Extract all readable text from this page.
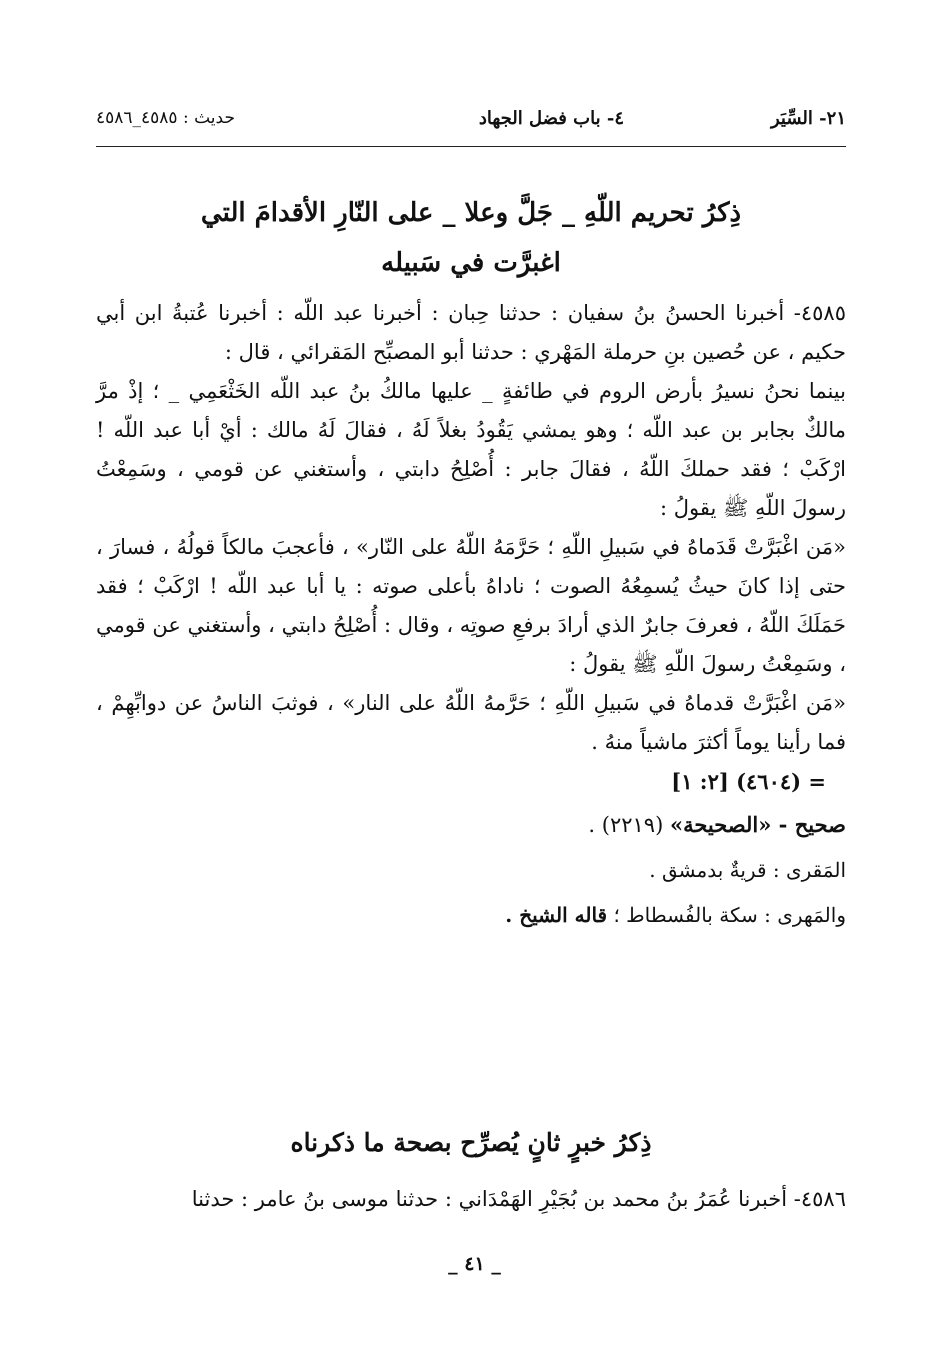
٢١- السِّيَر
٤- باب فضل الجهاد
حديث : ٤٥٨٥_٤٥٨٦
ذِكرُ تحريم اللّهِ _ جَلَّ وعلا _ على النّارِ الأقدامَ التي
اغبرَّت في سَبيله

٤٥٨٥- أخبرنا الحسنُ بنُ سفيان : حدثنا حِبان : أخبرنا عبد اللّه : أخبرنا عُتبةُ ابن أبي حكيم ، عن حُصين بنِ حرملة المَهْري : حدثنا أبو المصبِّح المَقرائي ، قال :

بينما نحنُ نسيرُ بأرض الروم في طائفةٍ _ عليها مالكُ بنُ عبد اللّه الخَثْعَمِي _ ؛ إذْ مرَّ مالكٌ بجابر بن عبد اللّه ؛ وهو يمشي يَقُودُ بغلاً لَهُ ، فقالَ لَهُ مالك : أيْ أبا عبد اللّه ! ارْكَبْ ؛ فقد حملكَ اللّهُ ، فقالَ جابر : أُصْلِحُ دابتي ، وأستغني عن قومي ، وسَمِعْتُ رسولَ اللّهِ ﷺ يقولُ :

«مَن اغْبَرَّتْ قَدَماهُ في سَبيلِ اللّهِ ؛ حَرَّمَهُ اللّهُ على النّار» ، فأعجبَ مالكاً قولُهُ ، فسارَ ، حتى إذا كانَ حيثُ يُسمِعُهُ الصوت ؛ ناداهُ بأعلى صوته : يا أبا عبد اللّه ! ارْكَبْ ؛ فقد حَمَلَكَ اللّهُ ، فعرفَ جابرٌ الذي أرادَ برفعِ صوتِه ، وقال : أُصْلِحُ دابتي ، وأستغني عن قومي ، وسَمِعْتُ رسولَ اللّهِ ﷺ يقولُ :

«مَن اغْبَرَّتْ قدماهُ في سَبيلِ اللّهِ ؛ حَرَّمهُ اللّهُ على النار» ، فوثبَ الناسُ عن دوابِّهِمْ ، فما رأينا يوماً أكثرَ ماشياً منهُ .

= (٤٦٠٤) [٢: ١]

صحيح - «الصحيحة» (٢٢١٩) .

المَقرى : قريةٌ بدمشق .

والمَهرى : سكة بالفُسطاط ؛ قاله الشيخ .

ذِكرُ خبرٍ ثانٍ يُصرِّح بصحة ما ذكرناه

٤٥٨٦- أخبرنا عُمَرُ بنُ محمد بن بُجَيْرِ الهَمْدَاني : حدثنا موسى بنُ عامر : حدثنا

_ ٤١ _
